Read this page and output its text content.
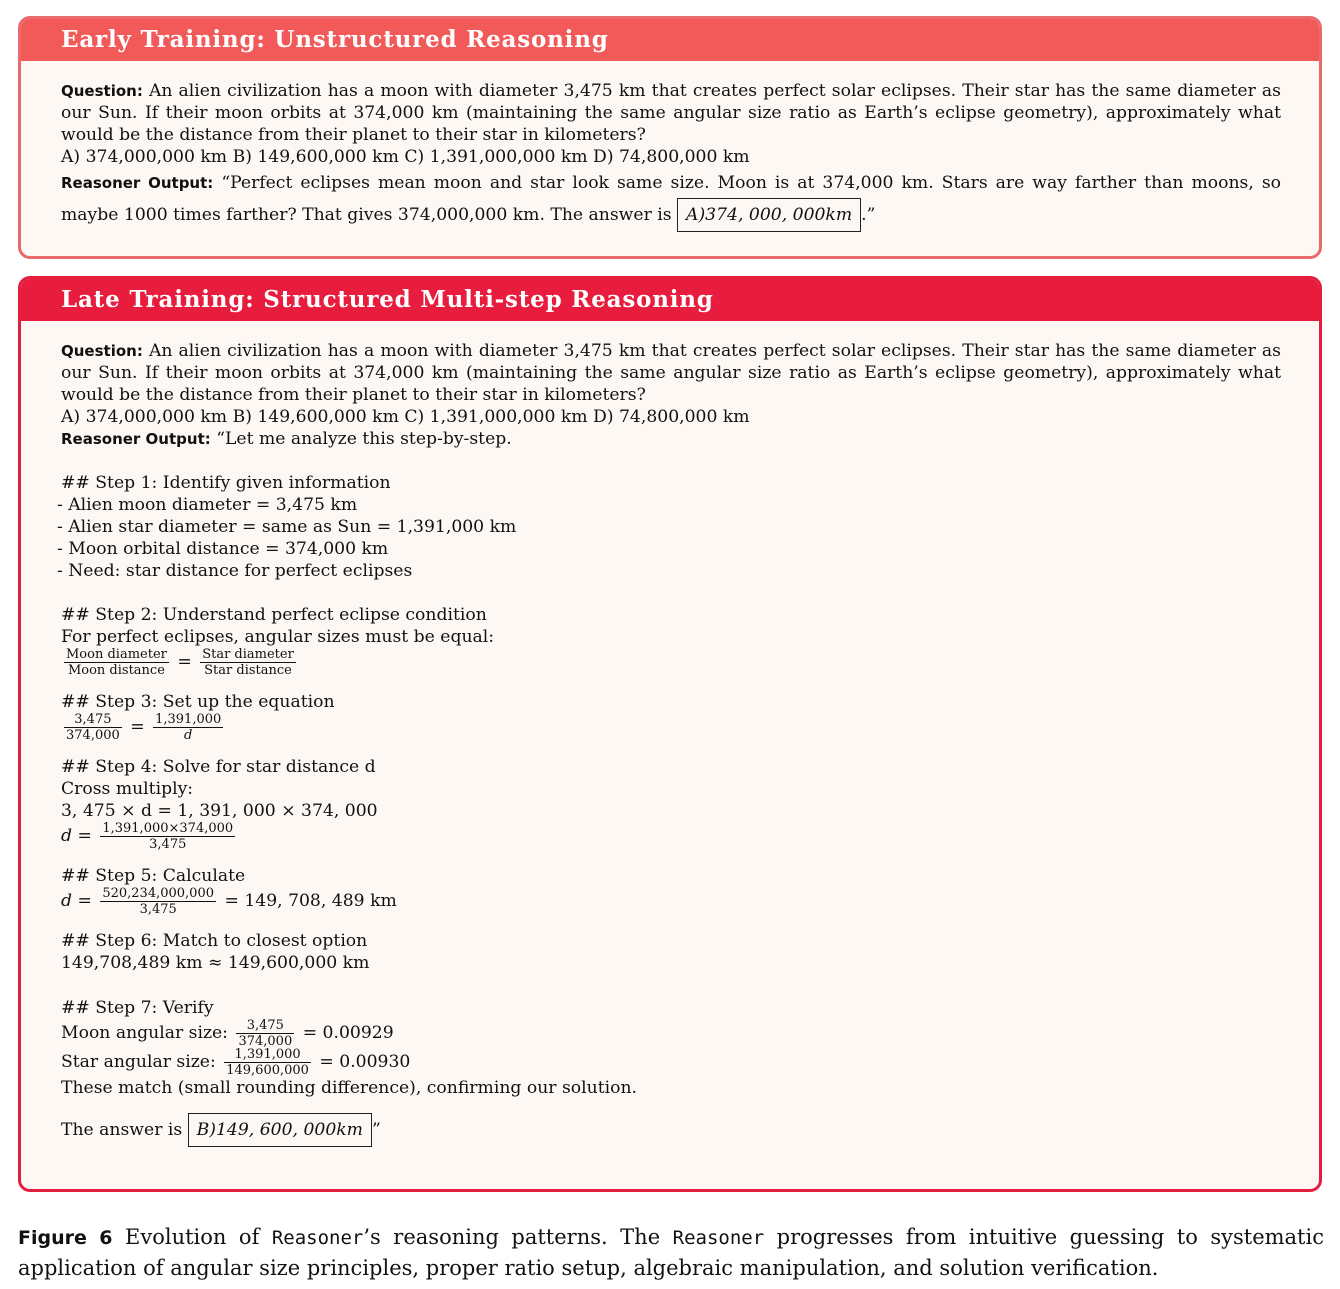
Early Training: Unstructured Reasoning
Question: An alien civilization has a moon with diameter 3,475 km that creates perfect solar eclipses. Their star has the same diameter as our Sun. If their moon orbits at 374,000 km (maintaining the same angular size ratio as Earth’s eclipse geometry), approximately what would be the distance from their planet to their star in kilometers?
A) 374,000,000 km B) 149,600,000 km C) 1,391,000,000 km D) 74,800,000 km
Reasoner Output: “Perfect eclipses mean moon and star look same size. Moon is at 374,000 km. Stars are way farther than moons, so maybe 1000 times farther? That gives 374,000,000 km. The answer is A)374, 000, 000km .”
Late Training: Structured Multi-step Reasoning
Question: An alien civilization has a moon with diameter 3,475 km that creates perfect solar eclipses. Their star has the same diameter as our Sun. If their moon orbits at 374,000 km (maintaining the same angular size ratio as Earth’s eclipse geometry), approximately what would be the distance from their planet to their star in kilometers?
A) 374,000,000 km B) 149,600,000 km C) 1,391,000,000 km D) 74,800,000 km
Reasoner Output: “Let me analyze this step-by-step.
## Step 1: Identify given information
- Alien moon diameter = 3,475 km
- Alien star diameter = same as Sun = 1,391,000 km
- Moon orbital distance = 374,000 km
- Need: star distance for perfect eclipses
## Step 2: Understand perfect eclipse condition
For perfect eclipses, angular sizes must be equal:
$\frac{\text{Moon diameter}}{\text{Moon distance}} = \frac{\text{Star diameter}}{\text{Star distance}}$
## Step 3: Set up the equation
$\frac{3,475}{374,000} = \frac{1,391,000}{d}$
## Step 4: Solve for star distance d
Cross multiply:
3, 475 × d = 1, 391, 000 × 374, 000
$d = \frac{1,391,000\times 374,000}{3,475}$
## Step 5: Calculate
$d = \frac{520,234,000,000}{3,475} = 149$, 708, 489 km
## Step 6: Match to closest option
149,708,489 km ≈ 149,600,000 km
## Step 7: Verify
Moon angular size: $\frac{3,475}{374,000} = 0.00929$
Star angular size: $\frac{1,391,000}{149,600,000} = 0.00930$
These match (small rounding difference), confirming our solution.
The answer is B)149, 600, 000km ”
Figure 6 Evolution of Reasoner’s reasoning patterns. The Reasoner progresses from intuitive guessing to systematic application of angular size principles, proper ratio setup, algebraic manipulation, and solution verification.
